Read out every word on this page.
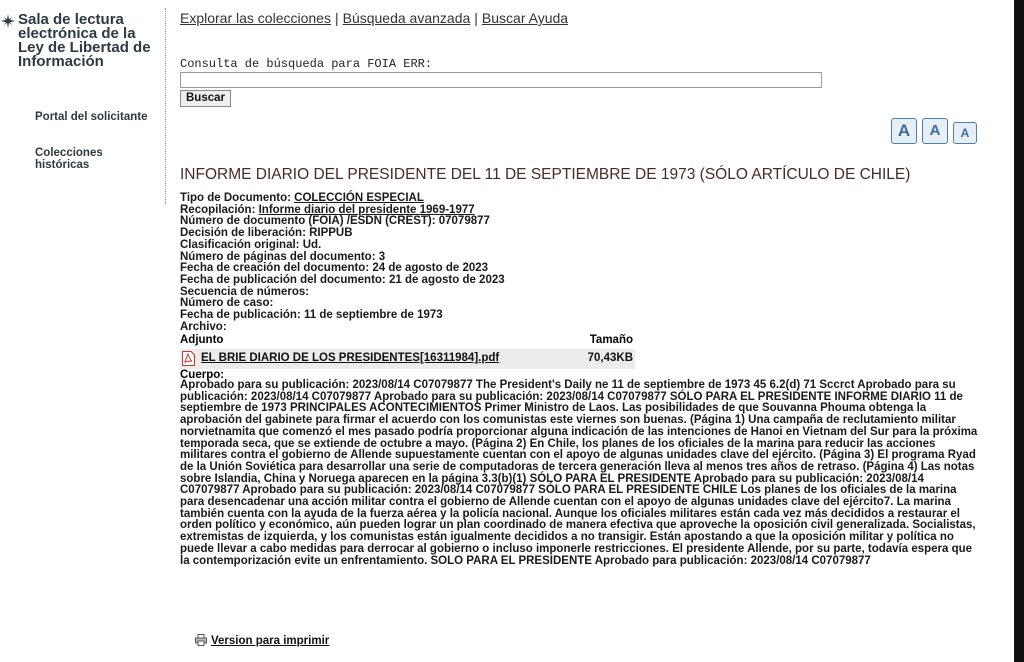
Sala de lectura electrónica de la Ley de Libertad de Información
Portal del solicitante
Colecciones históricas
Explorar las colecciones | Búsqueda avanzada | Buscar Ayuda
Consulta de búsqueda para FOIA ERR:
Buscar
A	A	A
INFORME DIARIO DEL PRESIDENTE DEL 11 DE SEPTIEMBRE DE 1973 (SÓLO ARTÍCULO DE CHILE)
Tipo de Documento: COLECCIÓN ESPECIAL
Recopilación: Informe diario del presidente 1969-1977
Número de documento (FOIA) /ESDN (CREST): 07079877
Decisión de liberación: RIPPUB
Clasificación original: Ud.
Número de páginas del documento: 3
Fecha de creación del documento: 24 de agosto de 2023
Fecha de publicación del documento: 21 de agosto de 2023
Secuencia de números:
Número de caso:
Fecha de publicación: 11 de septiembre de 1973
Archivo:
Adjunto	Tamaño
EL BRIE DIARIO DE LOS PRESIDENTES[16311984].pdf	70,43KB
Cuerpo:
Aprobado para su publicación: 2023/08/14 C07079877 The President's Daily ne 11 de septiembre de 1973 45 6.2(d) 71 Sccrct Aprobado para su publicación: 2023/08/14 C07079877 Aprobado para su publicación: 2023/08/14 C07079877 SÓLO PARA EL PRESIDENTE INFORME DIARIO 11 de septiembre de 1973 PRINCIPALES ACONTECIMIENTOS Primer Ministro de Laos. Las posibilidades de que Souvanna Phouma obtenga la aprobación del gabinete para firmar el acuerdo con los comunistas este viernes son buenas. (Página 1) Una campaña de reclutamiento militar norvietnamita que comenzó el mes pasado podría proporcionar alguna indicación de las intenciones de Hanoi en Vietnam del Sur para la próxima temporada seca, que se extiende de octubre a mayo. (Página 2) En Chile, los planes de los oficiales de la marina para reducir las acciones militares contra el gobierno de Allende supuestamente cuentan con el apoyo de algunas unidades clave del ejército. (Página 3) El programa Ryad de la Unión Soviética para desarrollar una serie de computadoras de tercera generación lleva al menos tres años de retraso. (Página 4) Las notas sobre Islandia, China y Noruega aparecen en la página 3.3(b)(1) SÓLO PARA EL PRESIDENTE Aprobado para su publicación: 2023/08/14 C07079877 Aprobado para su publicación: 2023/08/14 C07079877 SÓLO PARA EL PRESIDENTE CHILE Los planes de los oficiales de la marina para desencadenar una acción militar contra el gobierno de Allende cuentan con el apoyo de algunas unidades clave del ejército7. La marina también cuenta con la ayuda de la fuerza aérea y la policía nacional. Aunque los oficiales militares están cada vez más decididos a restaurar el orden político y económico, aún pueden lograr un plan coordinado de manera efectiva que aproveche la oposición civil generalizada. Socialistas, extremistas de izquierda, y los comunistas están igualmente decididos a no transigir. Están apostando a que la oposición militar y política no puede llevar a cabo medidas para derrocar al gobierno o incluso imponerle restricciones. El presidente Allende, por su parte, todavía espera que la contemporización evite un enfrentamiento. SOLO PARA EL PRESIDENTE Aprobado para publicación: 2023/08/14 C07079877
Version para imprimir
